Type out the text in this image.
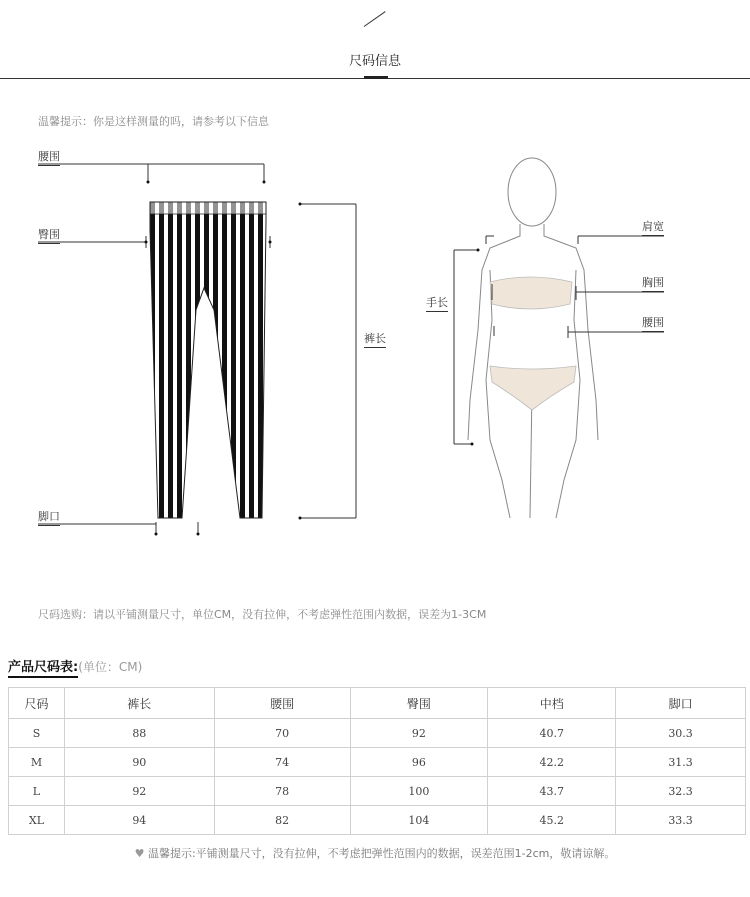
尺码信息
温馨提示：你是这样测量的吗，请参考以下信息
腰围
臀围
裤长
脚口
肩宽
胸围
腰围
手长
尺码选购：请以平铺测量尺寸，单位CM，没有拉伸，不考虑弹性范围内数据，误差为1-3CM
产品尺码表:(单位：CM)
尺码	裤长	腰围	臀围	中档	脚口
S	88	70	92	40.7	30.3
M	90	74	96	42.2	31.3
L	92	78	100	43.7	32.3
XL	94	82	104	45.2	33.3
♥ 温馨提示:平铺测量尺寸，没有拉伸，不考虑把弹性范围内的数据，误差范围1-2cm，敬请谅解。
